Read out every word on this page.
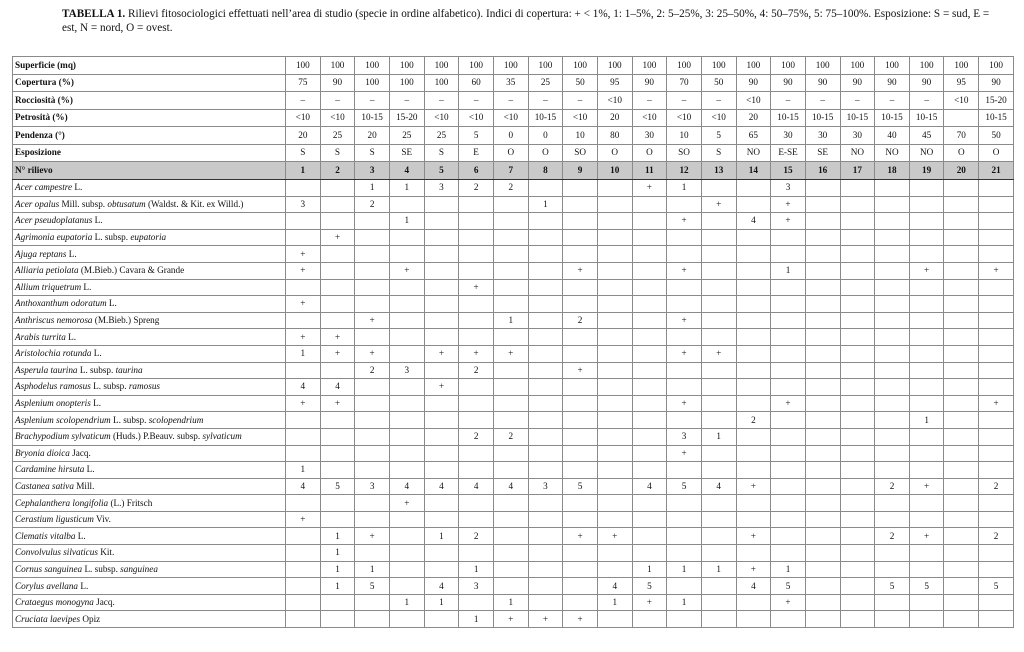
TABELLA 1. Rilievi fitosociologici effettuati nell’area di studio (specie in ordine alfabetico). Indici di copertura: + < 1%, 1: 1–5%, 2: 5–25%, 3: 25–50%, 4: 50–75%, 5: 75–100%. Esposizione: S = sud, E = est, N = nord, O = ovest.
Superficie (mq)	100	100	100	100	100	100	100	100	100	100	100	100	100	100	100	100	100	100	100	100	100
Copertura (%)	75	90	100	100	100	60	35	25	50	95	90	70	50	90	90	90	90	90	90	95	90
Rocciosità (%)	–	–	–	–	–	–	–	–	–	<10	–	–	–	<10	–	–	–	–	–	<10	15-20
Petrosità (%)	<10	<10	10-15	15-20	<10	<10	<10	10-15	<10	20	<10	<10	<10	20	10-15	10-15	10-15	10-15	10-15		10-15
Pendenza (°)	20	25	20	25	25	5	0	0	10	80	30	10	5	65	30	30	30	40	45	70	50
Esposizione	S	S	S	SE	S	E	O	O	SO	O	O	SO	S	NO	E-SE	SE	NO	NO	NO	O	O
N° rilievo	1	2	3	4	5	6	7	8	9	10	11	12	13	14	15	16	17	18	19	20	21
Acer campestre L.			1	1	3	2	2				+	1			3						
Acer opalus Mill. subsp. obtusatum (Waldst. & Kit. ex Willd.)	3		2					1					+		+						
Acer pseudoplatanus L.				1								+		4	+						
Agrimonia eupatoria L. subsp. eupatoria		+																			
Ajuga reptans L.	+																				
Alliaria petiolata (M.Bieb.) Cavara & Grande	+			+					+			+			1				+		+
Allium triquetrum L.						+															
Anthoxanthum odoratum L.	+																				
Anthriscus nemorosa (M.Bieb.) Spreng			+				1		2			+									
Arabis turrita L.	+	+																			
Aristolochia rotunda L.	1	+	+		+	+	+					+	+								
Asperula taurina L. subsp. taurina			2	3		2			+												
Asphodelus ramosus L. subsp. ramosus	4	4			+																
Asplenium onopteris L.	+	+										+			+						+
Asplenium scolopendrium L. subsp. scolopendrium														2					1		
Brachypodium sylvaticum (Huds.) P.Beauv. subsp. sylvaticum						2	2					3	1								
Bryonia dioica Jacq.												+									
Cardamine hirsuta L.	1																				
Castanea sativa Mill.	4	5	3	4	4	4	4	3	5		4	5	4	+				2	+		2
Cephalanthera longifolia (L.) Fritsch				+																	
Cerastium ligusticum Viv.	+																				
Clematis vitalba L.		1	+		1	2			+	+				+				2	+		2
Convolvulus silvaticus Kit.		1																			
Cornus sanguinea L. subsp. sanguinea		1	1			1					1	1	1	+	1						
Corylus avellana L.		1	5		4	3				4	5			4	5			5	5		5
Crataegus monogyna Jacq.				1	1		1			1	+	1			+						
Cruciata laevipes Opiz						1	+	+	+												
